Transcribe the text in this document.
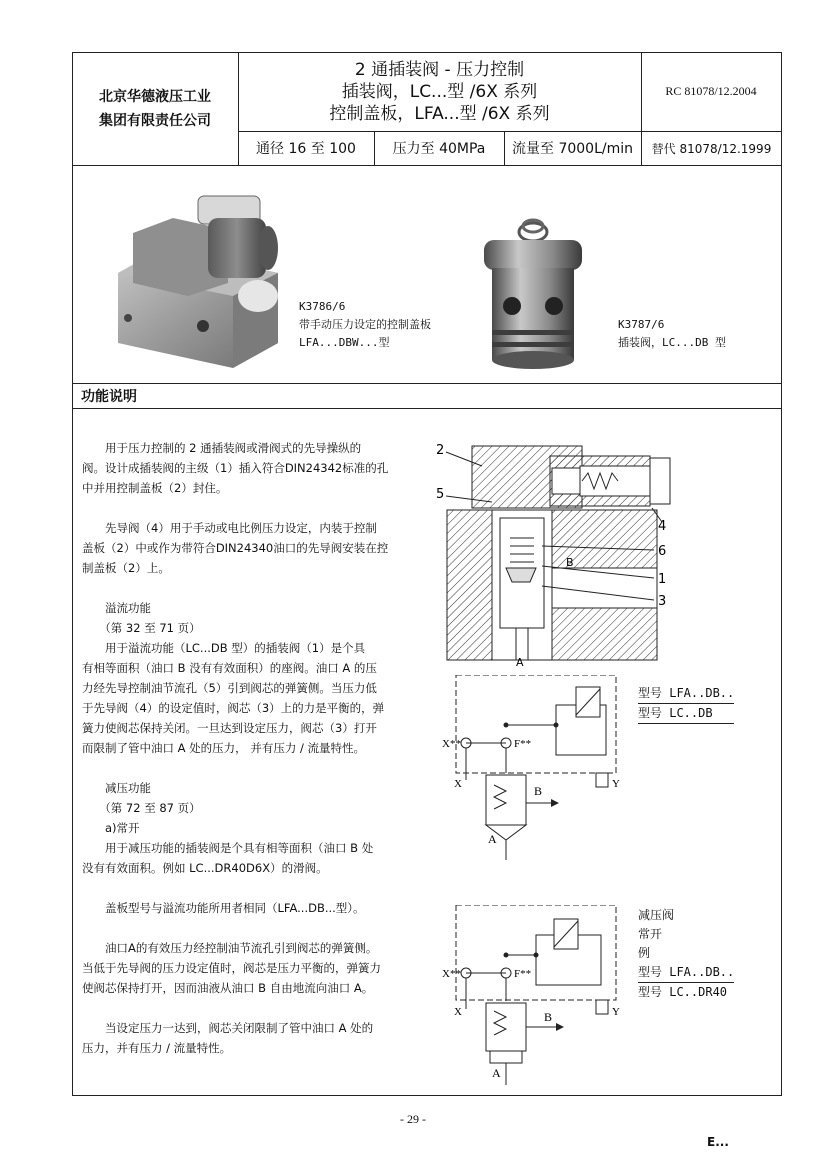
北京华德液压工业
集团有限责任公司
2 通插装阀 - 压力控制
插装阀，LC...型 /6X 系列
控制盖板，LFA...型 /6X 系列
RC 81078/12.2004
通径 16 至 100	压力至 40MPa	流量至 7000L/min	替代 81078/12.1999
K3786/6
带手动压力设定的控制盖板
LFA...DBW...型
K3787/6
插装阀，LC...DB 型
功能说明

　　用于压力控制的 2 通插装阀或滑阀式的先导操纵的
阀。设计成插装阀的主级（1）插入符合DIN24342标准的孔
中并用控制盖板（2）封住。

　　先导阀（4）用于手动或电比例压力设定，内装于控制
盖板（2）中或作为带符合DIN24340油口的先导阀安装在控
制盖板（2）上。

　　溢流功能
　　（第 32 至 71 页）
　　用于溢流功能（LC...DB 型）的插装阀（1）是个具
有相等面积（油口 B 没有有效面积）的座阀。油口 A 的压
力经先导控制油节流孔（5）引到阀芯的弹簧侧。当压力低
于先导阀（4）的设定值时，阀芯（3）上的力是平衡的，弹
簧力使阀芯保持关闭。一旦达到设定压力，阀芯（3）打开
而限制了管中油口 A 处的压力， 并有压力 / 流量特性。

　　减压功能
　　（第 72 至 87 页）
　　a)常开
　　用于减压功能的插装阀是个具有相等面积（油口 B 处
没有有效面积。例如 LC...DR40D6X）的滑阀。

　　盖板型号与溢流功能所用者相同（LFA...DB...型）。

　　油口A的有效压力经控制油节流孔引到阀芯的弹簧侧。
当低于先导阀的压力设定值时，阀芯是压力平衡的，弹簧力
使阀芯保持打开，因而油液从油口 B 自由地流向油口 A。

　　当设定压力一达到，阀芯关闭限制了管中油口 A 处的
压力，并有压力 / 流量特性。

2
5
4
6
1
3
B
A
X**	F**
X	Y
B
A
型号 LFA..DB..
型号 LC..DB
X**	F**
X	Y
B
A
减压阀
常开
例
型号 LFA..DB..
型号 LC..DR40
- 29 -
E...
